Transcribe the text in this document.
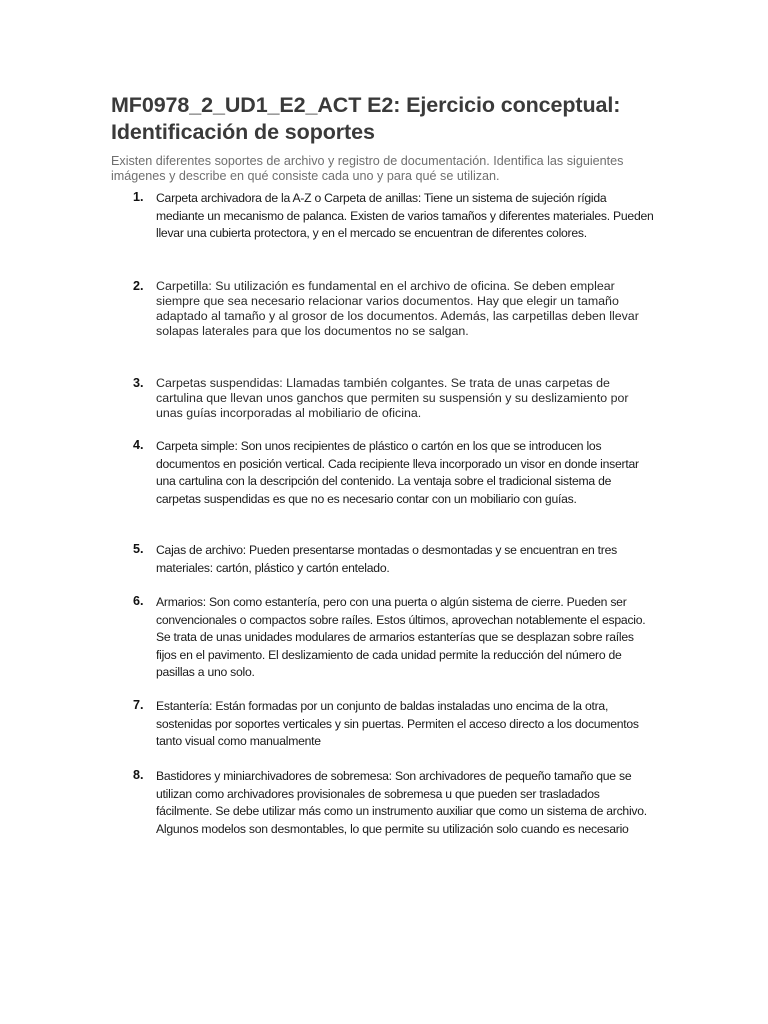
MF0978_2_UD1_E2_ACT E2: Ejercicio conceptual: Identificación de soportes

Existen diferentes soportes de archivo y registro de documentación. Identifica las siguientes imágenes y describe en qué consiste cada uno y para qué se utilizan.

1. Carpeta archivadora de la A-Z o Carpeta de anillas: Tiene un sistema de sujeción rígida mediante un mecanismo de palanca. Existen de varios tamaños y diferentes materiales. Pueden llevar una cubierta protectora, y en el mercado se encuentran de diferentes colores.

2. Carpetilla: Su utilización es fundamental en el archivo de oficina. Se deben emplear siempre que sea necesario relacionar varios documentos. Hay que elegir un tamaño adaptado al tamaño y al grosor de los documentos. Además, las carpetillas deben llevar solapas laterales para que los documentos no se salgan.

3. Carpetas suspendidas: Llamadas también colgantes. Se trata de unas carpetas de cartulina que llevan unos ganchos que permiten su suspensión y su deslizamiento por unas guías incorporadas al mobiliario de oficina.

4. Carpeta simple: Son unos recipientes de plástico o cartón en los que se introducen los documentos en posición vertical. Cada recipiente lleva incorporado un visor en donde insertar una cartulina con la descripción del contenido. La ventaja sobre el tradicional sistema de carpetas suspendidas es que no es necesario contar con un mobiliario con guías.

5. Cajas de archivo: Pueden presentarse montadas o desmontadas y se encuentran en tres materiales: cartón, plástico y cartón entelado.

6. Armarios: Son como estantería, pero con una puerta o algún sistema de cierre. Pueden ser convencionales o compactos sobre raíles. Estos últimos, aprovechan notablemente el espacio. Se trata de unas unidades modulares de armarios estanterías que se desplazan sobre raíles fijos en el pavimento. El deslizamiento de cada unidad permite la reducción del número de pasillas a uno solo.

7. Estantería: Están formadas por un conjunto de baldas instaladas uno encima de la otra, sostenidas por soportes verticales y sin puertas. Permiten el acceso directo a los documentos tanto visual como manualmente

8. Bastidores y miniarchivadores de sobremesa: Son archivadores de pequeño tamaño que se utilizan como archivadores provisionales de sobremesa u que pueden ser trasladados fácilmente. Se debe utilizar más como un instrumento auxiliar que como un sistema de archivo. Algunos modelos son desmontables, lo que permite su utilización solo cuando es necesario
